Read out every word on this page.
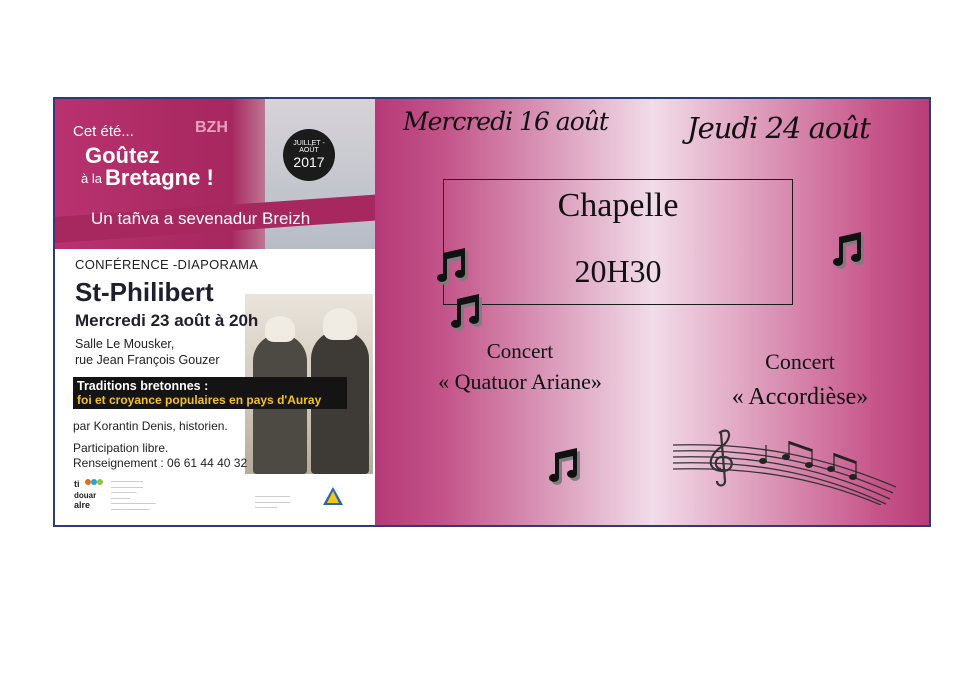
BZH
Cet été...
Goûtez
à la Bretagne !
JUILLET - AOÛT
2017
Un tañva a sevenadur Breizh
CONFÉRENCE -DIAPORAMA
St-Philibert
Mercredi 23 août à 20h
Salle Le Mousker,
rue Jean François Gouzer
Traditions bretonnes :
foi et croyance populaires en pays d'Auray
par Korantin Denis, historien.
Participation libre.
Renseignement : 06 61 44 40 32
ti
douar
alre
──────────
──────────
────────
──────
──────────────
────────────
───────────
───────────
───────
Mercredi 16 août	Jeudi 24 août
Chapelle
20H30
Concert
« Quatuor Ariane»
Concert
« Accordièse»
